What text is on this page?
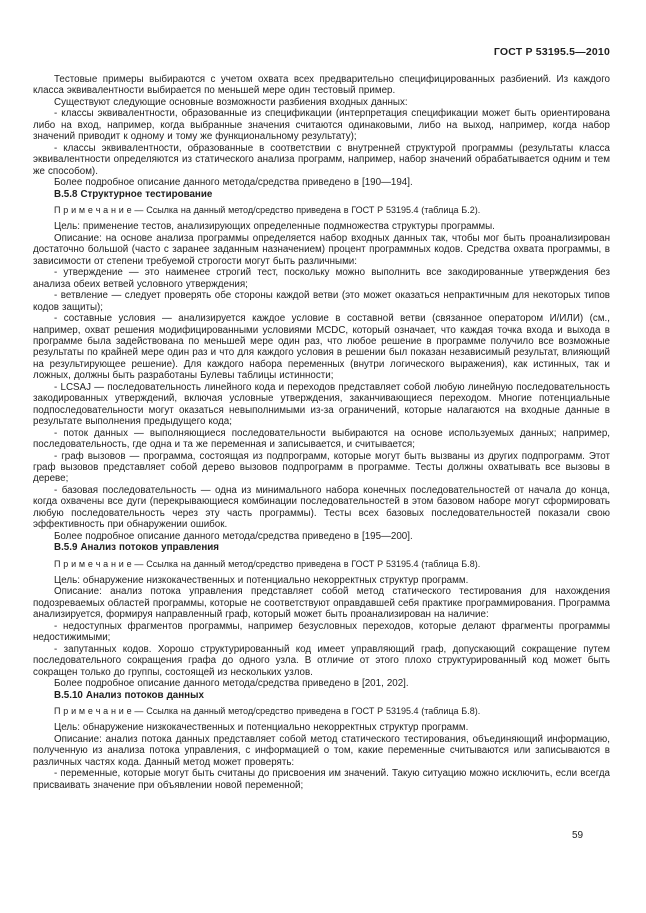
ГОСТ Р 53195.5—2010

Тестовые примеры выбираются с учетом охвата всех предварительно специфицированных разбиений. Из каждого класса эквивалентности выбирается по меньшей мере один тестовый пример.

Существуют следующие основные возможности разбиения входных данных:

- классы эквивалентности, образованные из спецификации (интерпретация спецификации может быть ориентирована либо на вход, например, когда выбранные значения считаются одинаковыми, либо на выход, например, когда набор значений приводит к одному и тому же функциональному результату);

- классы эквивалентности, образованные в соответствии с внутренней структурой программы (результаты класса эквивалентности определяются из статического анализа программ, например, набор значений обрабатывается одним и тем же способом).

Более подробное описание данного метода/средства приведено в [190—194].

В.5.8 Структурное тестирование

П р и м е ч а н и е — Ссылка на данный метод/средство приведена в ГОСТ Р 53195.4 (таблица Б.2).

Цель: применение тестов, анализирующих определенные подмножества структуры программы.

Описание: на основе анализа программы определяется набор входных данных так, чтобы мог быть проанализирован достаточно большой (часто с заранее заданным назначением) процент программных кодов. Средства охвата программы, в зависимости от степени требуемой строгости могут быть различными:

- утверждение — это наименее строгий тест, поскольку можно выполнить все закодированные утверждения без анализа обеих ветвей условного утверждения;

- ветвление — следует проверять обе стороны каждой ветви (это может оказаться непрактичным для некоторых типов кодов защиты);

- составные условия — анализируется каждое условие в составной ветви (связанное оператором И/ИЛИ) (см., например, охват решения модифицированными условиями MCDC, который означает, что каждая точка входа и выхода в программе была задействована по меньшей мере один раз, что любое решение в программе получило все возможные результаты по крайней мере один раз и что для каждого условия в решении был показан независимый результат, влияющий на результирующее решение). Для каждого набора переменных (внутри логического выражения), как истинных, так и ложных, должны быть разработаны Булевы таблицы истинности;

- LCSAJ — последовательность линейного кода и переходов представляет собой любую линейную последовательность закодированных утверждений, включая условные утверждения, заканчивающиеся переходом. Многие потенциальные подпоследовательности могут оказаться невыполнимыми из-за ограничений, которые налагаются на входные данные в результате выполнения предыдущего кода;

- поток данных — выполняющиеся последовательности выбираются на основе используемых данных; например, последовательность, где одна и та же переменная и записывается, и считывается;

- граф вызовов — программа, состоящая из подпрограмм, которые могут быть вызваны из других подпрограмм. Этот граф вызовов представляет собой дерево вызовов подпрограмм в программе. Тесты должны охватывать все вызовы в дереве;

- базовая последовательность — одна из минимального набора конечных последовательностей от начала до конца, когда охвачены все дуги (перекрывающиеся комбинации последовательностей в этом базовом наборе могут сформировать любую последовательность через эту часть программы). Тесты всех базовых последовательностей показали свою эффективность при обнаружении ошибок.

Более подробное описание данного метода/средства приведено в [195—200].

В.5.9 Анализ потоков управления

П р и м е ч а н и е — Ссылка на данный метод/средство приведена в ГОСТ Р 53195.4 (таблица Б.8).

Цель: обнаружение низкокачественных и потенциально некорректных структур программ.

Описание: анализ потока управления представляет собой метод статического тестирования для нахождения подозреваемых областей программы, которые не соответствуют оправдавшей себя практике программирования. Программа анализируется, формируя направленный граф, который может быть проанализирован на наличие:

- недоступных фрагментов программы, например безусловных переходов, которые делают фрагменты программы недостижимыми;

- запутанных кодов. Хорошо структурированный код имеет управляющий граф, допускающий сокращение путем последовательного сокращения графа до одного узла. В отличие от этого плохо структурированный код может быть сокращен только до группы, состоящей из нескольких узлов.

Более подробное описание данного метода/средства приведено в [201, 202].

В.5.10 Анализ потоков данных

П р и м е ч а н и е — Ссылка на данный метод/средство приведена в ГОСТ Р 53195.4 (таблица Б.8).

Цель: обнаружение низкокачественных и потенциально некорректных структур программ.

Описание: анализ потока данных представляет собой метод статического тестирования, объединяющий информацию, полученную из анализа потока управления, с информацией о том, какие переменные считываются или записываются в различных частях кода. Данный метод может проверять:

- переменные, которые могут быть считаны до присвоения им значений. Такую ситуацию можно исключить, если всегда присваивать значение при объявлении новой переменной;

59
